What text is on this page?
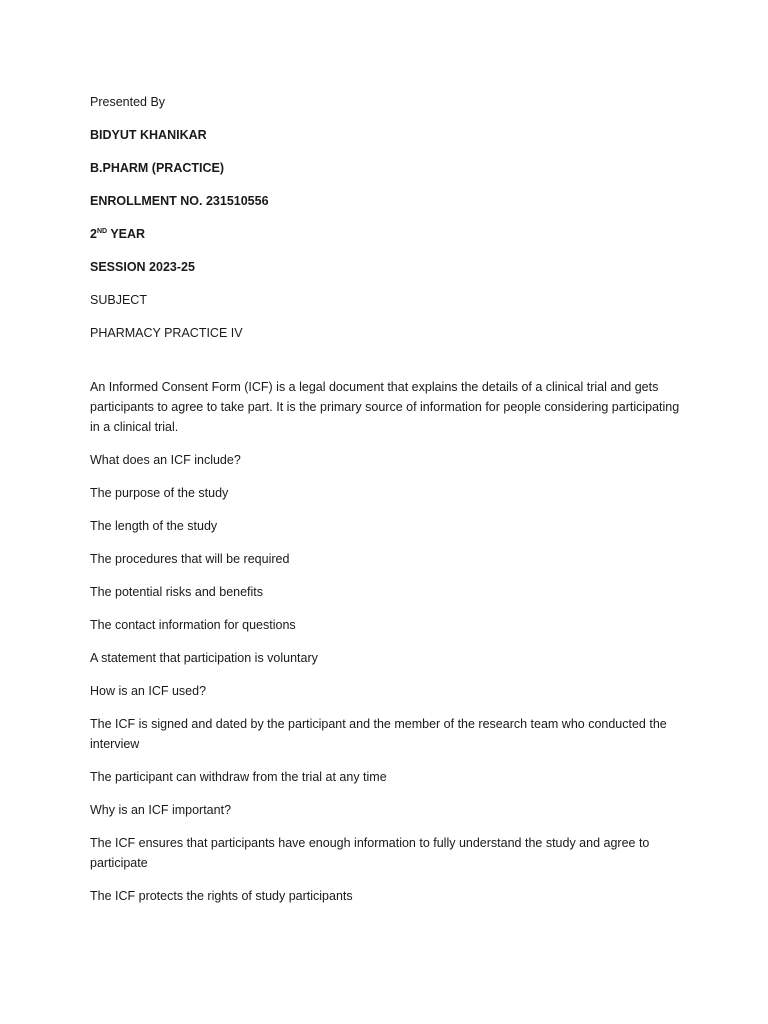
Presented By

BIDYUT KHANIKAR

B.PHARM (PRACTICE)

ENROLLMENT NO. 231510556

2ND YEAR

SESSION 2023-25

SUBJECT

PHARMACY PRACTICE IV

An Informed Consent Form (ICF) is a legal document that explains the details of a clinical trial and gets participants to agree to take part. It is the primary source of information for people considering participating in a clinical trial.

What does an ICF include?

The purpose of the study

The length of the study

The procedures that will be required

The potential risks and benefits

The contact information for questions

A statement that participation is voluntary

How is an ICF used?

The ICF is signed and dated by the participant and the member of the research team who conducted the interview

The participant can withdraw from the trial at any time

Why is an ICF important?

The ICF ensures that participants have enough information to fully understand the study and agree to participate

The ICF protects the rights of study participants
